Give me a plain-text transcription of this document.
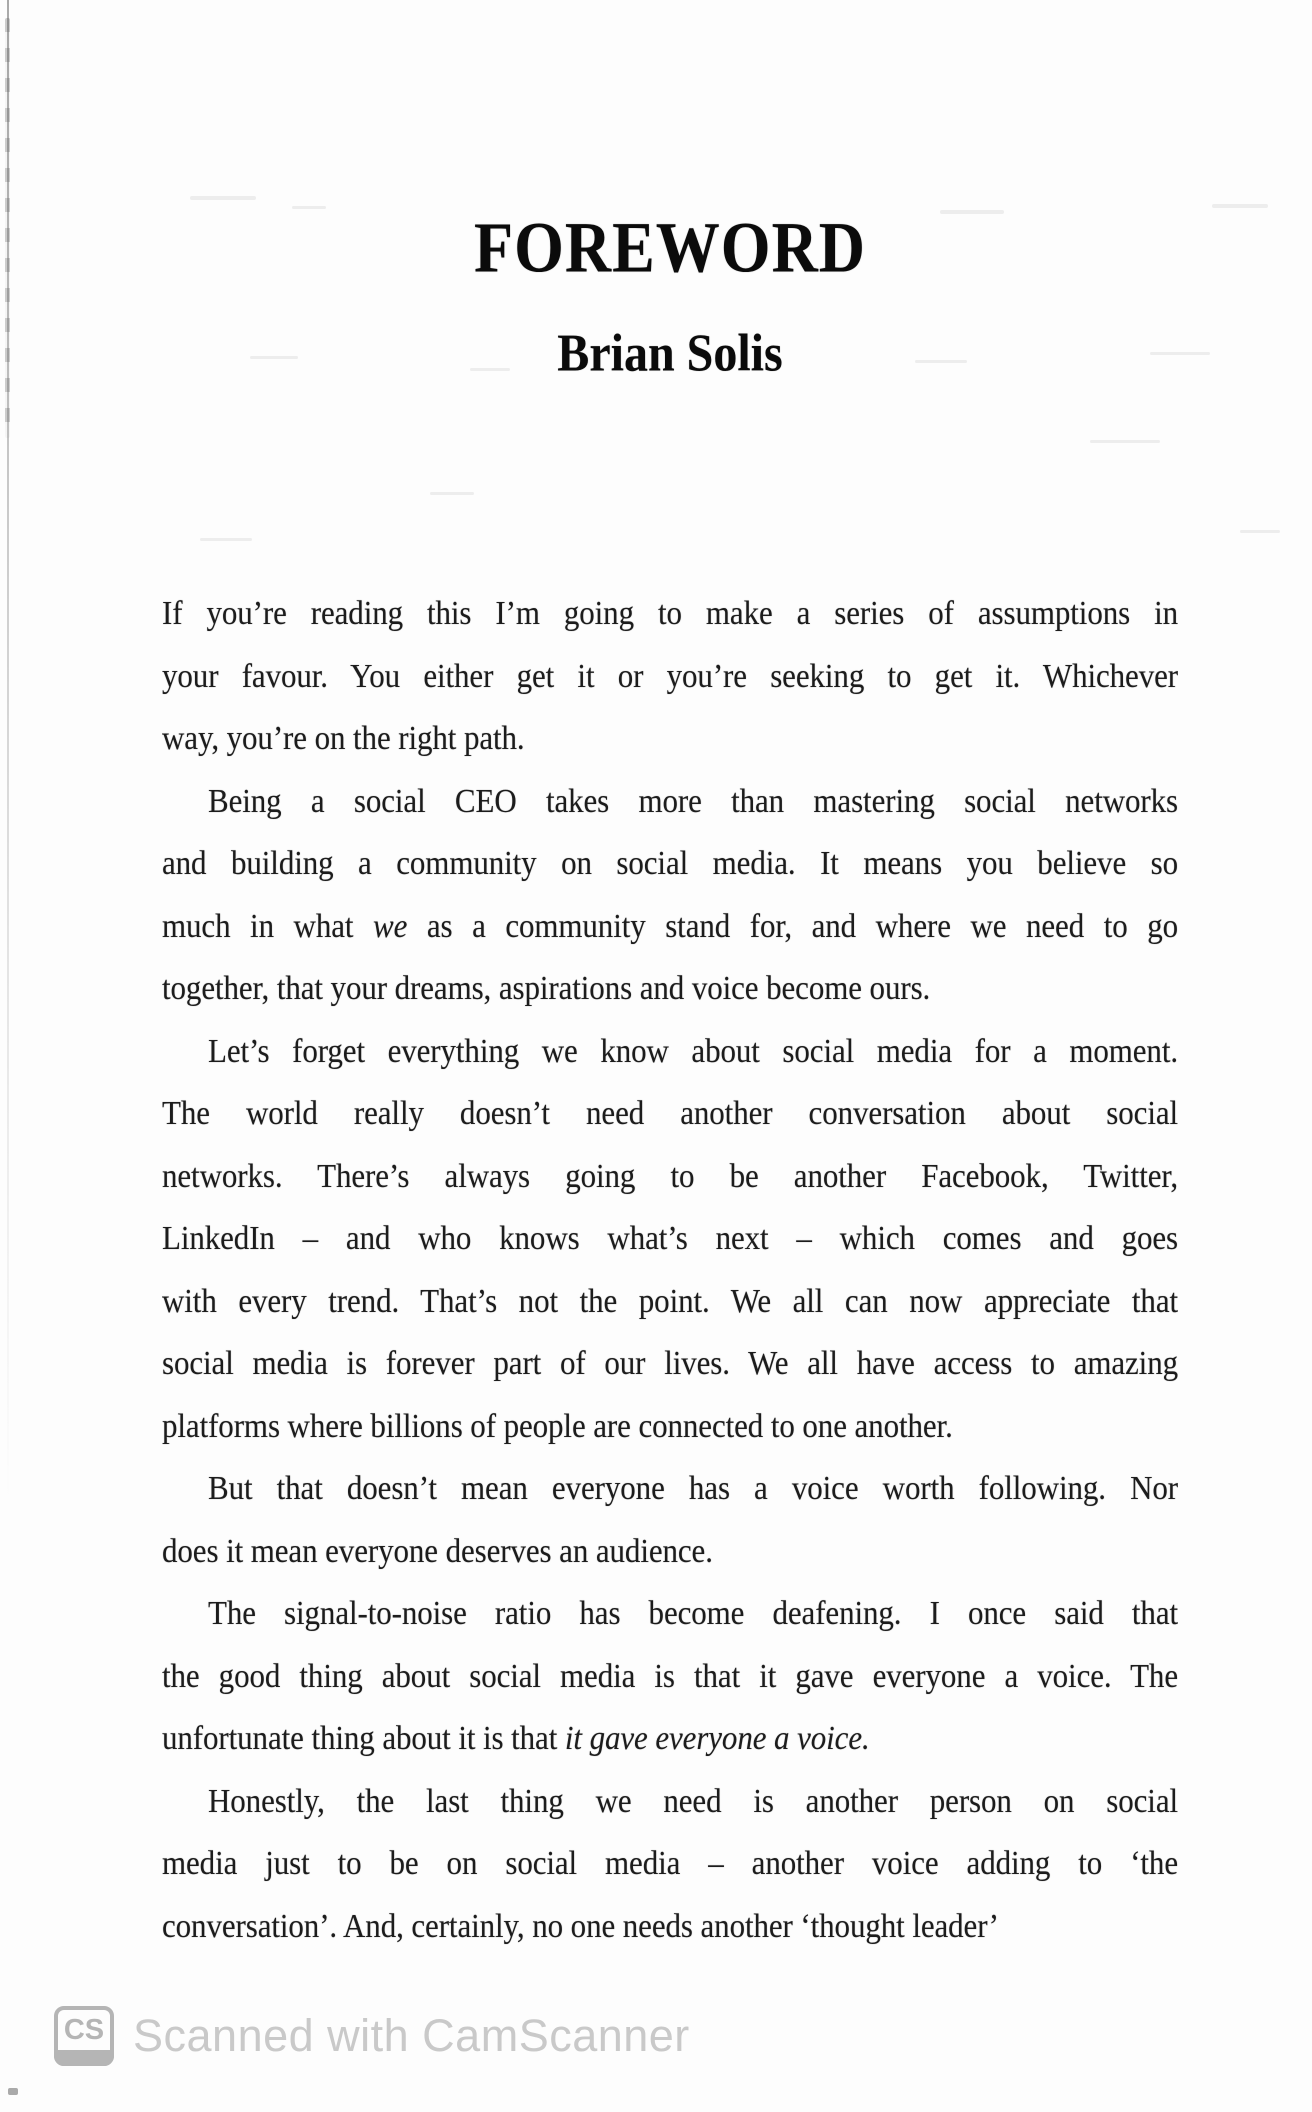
FOREWORD
Brian Solis
If you’re reading this I’m going to make a series of assumptions in
your favour. You either get it or you’re seeking to get it. Whichever
way, you’re on the right path.
Being a social CEO takes more than mastering social networks
and building a community on social media. It means you believe so
much in what we as a community stand for, and where we need to go
together, that your dreams, aspirations and voice become ours.
Let’s forget everything we know about social media for a moment.
The world really doesn’t need another conversation about social
networks. There’s always going to be another Facebook, Twitter,
LinkedIn – and who knows what’s next – which comes and goes
with every trend. That’s not the point. We all can now appreciate that
social media is forever part of our lives. We all have access to amazing
platforms where billions of people are connected to one another.
But that doesn’t mean everyone has a voice worth following. Nor
does it mean everyone deserves an audience.
The signal-to-noise ratio has become deafening. I once said that
the good thing about social media is that it gave everyone a voice. The
unfortunate thing about it is that it gave everyone a voice.
Honestly, the last thing we need is another person on social
media just to be on social media – another voice adding to ‘the
conversation’. And, certainly, no one needs another ‘thought leader’
CS Scanned with CamScanner
